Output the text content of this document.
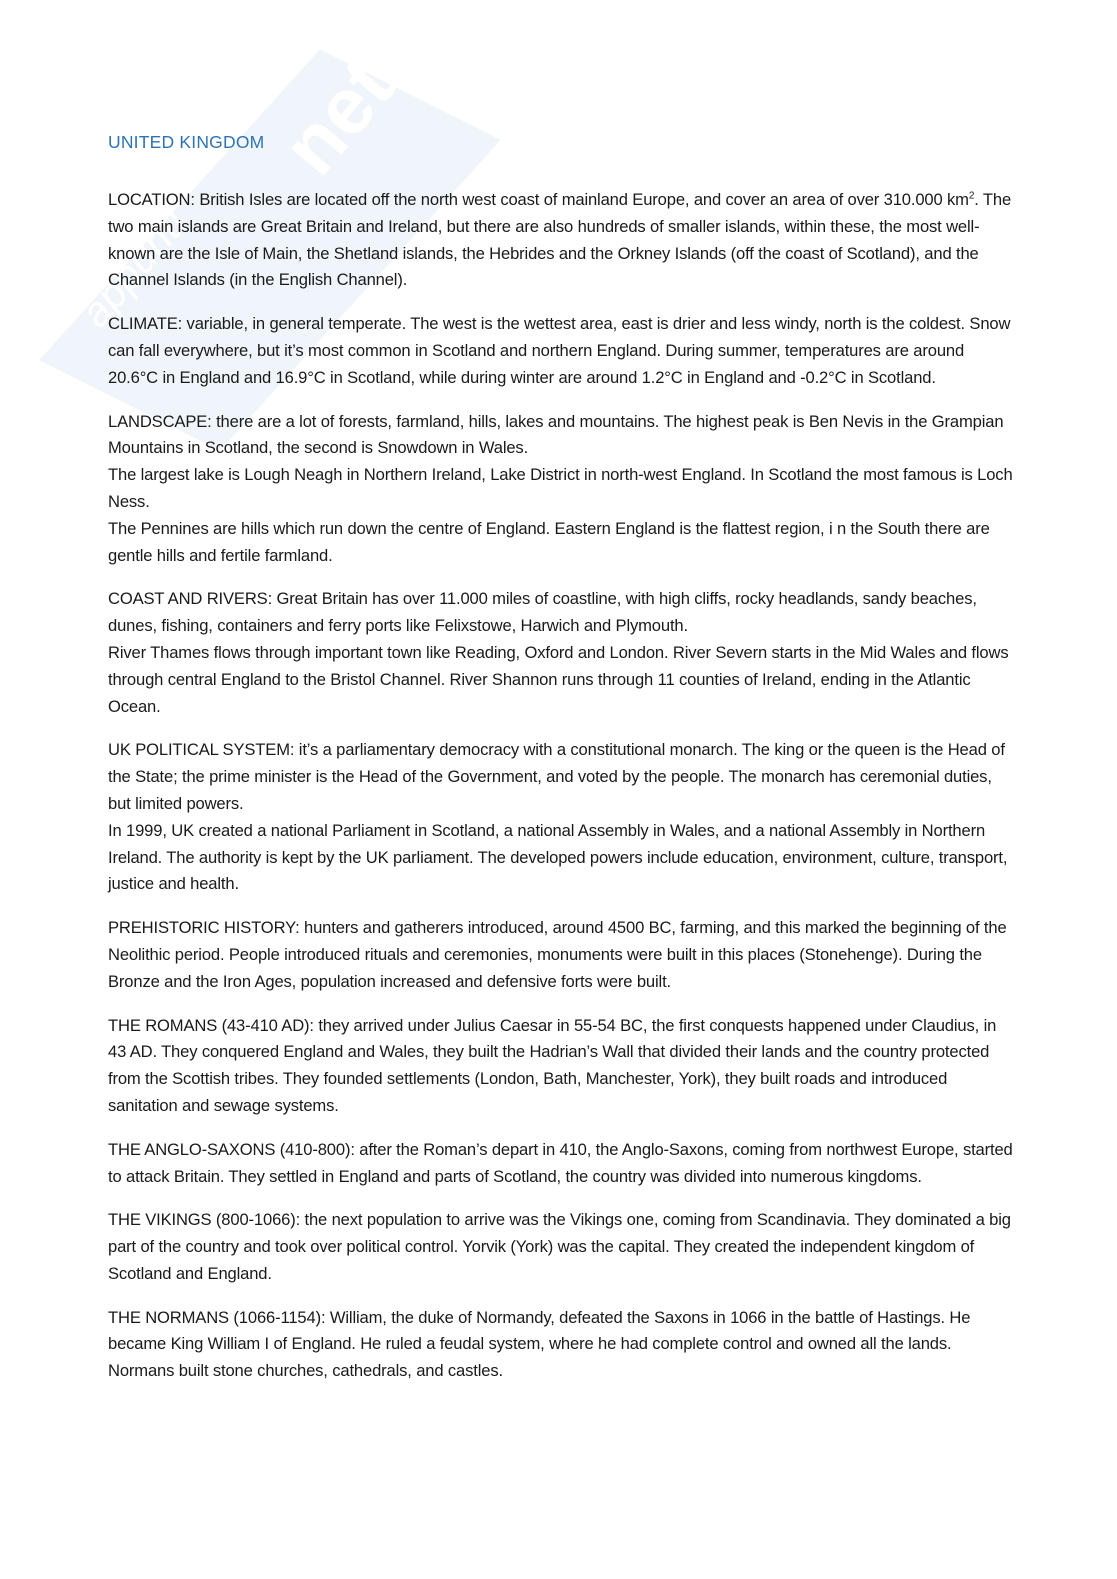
net
appunti
UNITED KINGDOM

LOCATION: British Isles are located off the north west coast of mainland Europe, and cover an area of over 310.000 $km^2$. The two main islands are Great Britain and Ireland, but there are also hundreds of smaller islands, within these, the most well-known are the Isle of Main, the Shetland islands, the Hebrides and the Orkney Islands (off the coast of Scotland), and the Channel Islands (in the English Channel).

CLIMATE: variable, in general temperate. The west is the wettest area, east is drier and less windy, north is the coldest. Snow can fall everywhere, but it’s most common in Scotland and northern England. During summer, temperatures are around 20.6°C in England and 16.9°C in Scotland, while during winter are around 1.2°C in England and -0.2°C in Scotland.

LANDSCAPE: there are a lot of forests, farmland, hills, lakes and mountains. The highest peak is Ben Nevis in the Grampian Mountains in Scotland, the second is Snowdown in Wales.

The largest lake is Lough Neagh in Northern Ireland, Lake District in north-west England. In Scotland the most famous is Loch Ness.

The Pennines are hills which run down the centre of England. Eastern England is the flattest region, i n the South there are gentle hills and fertile farmland.

COAST AND RIVERS: Great Britain has over 11.000 miles of coastline, with high cliffs, rocky headlands, sandy beaches, dunes, fishing, containers and ferry ports like Felixstowe, Harwich and Plymouth.

River Thames flows through important town like Reading, Oxford and London. River Severn starts in the Mid Wales and flows through central England to the Bristol Channel. River Shannon runs through 11 counties of Ireland, ending in the Atlantic Ocean.

UK POLITICAL SYSTEM: it’s a parliamentary democracy with a constitutional monarch. The king or the queen is the Head of the State; the prime minister is the Head of the Government, and voted by the people. The monarch has ceremonial duties, but limited powers.

In 1999, UK created a national Parliament in Scotland, a national Assembly in Wales, and a national Assembly in Northern Ireland. The authority is kept by the UK parliament. The developed powers include education, environment, culture, transport, justice and health.

PREHISTORIC HISTORY: hunters and gatherers introduced, around 4500 BC, farming, and this marked the beginning of the Neolithic period. People introduced rituals and ceremonies, monuments were built in this places (Stonehenge). During the Bronze and the Iron Ages, population increased and defensive forts were built.

THE ROMANS (43-410 AD): they arrived under Julius Caesar in 55-54 BC, the first conquests happened under Claudius, in 43 AD. They conquered England and Wales, they built the Hadrian’s Wall that divided their lands and the country protected from the Scottish tribes. They founded settlements (London, Bath, Manchester, York), they built roads and introduced sanitation and sewage systems.

THE ANGLO-SAXONS (410-800): after the Roman’s depart in 410, the Anglo-Saxons, coming from northwest Europe, started to attack Britain. They settled in England and parts of Scotland, the country was divided into numerous kingdoms.

THE VIKINGS (800-1066): the next population to arrive was the Vikings one, coming from Scandinavia. They dominated a big part of the country and took over political control. Yorvik (York) was the capital. They created the independent kingdom of Scotland and England.

THE NORMANS (1066-1154): William, the duke of Normandy, defeated the Saxons in 1066 in the battle of Hastings. He became King William I of England. He ruled a feudal system, where he had complete control and owned all the lands. Normans built stone churches, cathedrals, and castles.
